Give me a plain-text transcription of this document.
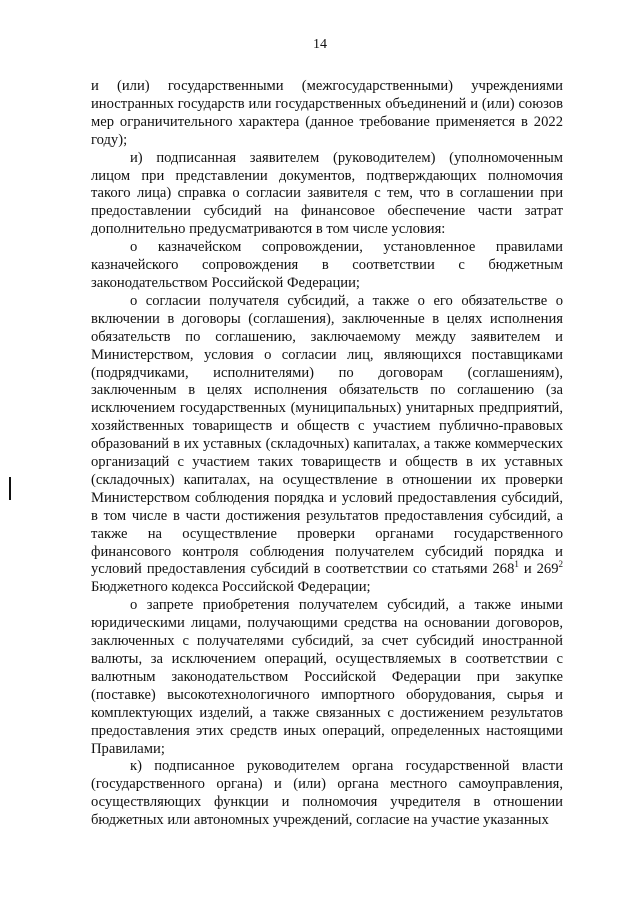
14

и (или) государственными (межгосударственными) учреждениями иностранных государств или государственных объединений и (или) союзов мер ограничительного характера (данное требование применяется в 2022 году);

и) подписанная заявителем (руководителем) (уполномоченным лицом при представлении документов, подтверждающих полномочия такого лица) справка о согласии заявителя с тем, что в соглашении при предоставлении субсидий на финансовое обеспечение части затрат дополнительно предусматриваются в том числе условия:

о казначейском сопровождении, установленное правилами казначейского сопровождения в соответствии с бюджетным законодательством Российской Федерации;

о согласии получателя субсидий, а также о его обязательстве о включении в договоры (соглашения), заключенные в целях исполнения обязательств по соглашению, заключаемому между заявителем и Министерством, условия о согласии лиц, являющихся поставщиками (подрядчиками, исполнителями) по договорам (соглашениям), заключенным в целях исполнения обязательств по соглашению (за исключением государственных (муниципальных) унитарных предприятий, хозяйственных товариществ и обществ с участием публично-правовых образований в их уставных (складочных) капиталах, а также коммерческих организаций с участием таких товариществ и обществ в их уставных (складочных) капиталах, на осуществление в отношении их проверки Министерством соблюдения порядка и условий предоставления субсидий, в том числе в части достижения результатов предоставления субсидий, а также на осуществление проверки органами государственного финансового контроля соблюдения получателем субсидий порядка и условий предоставления субсидий в соответствии со статьями $268^1$ и $269^2$ Бюджетного кодекса Российской Федерации;

о запрете приобретения получателем субсидий, а также иными юридическими лицами, получающими средства на основании договоров, заключенных с получателями субсидий, за счет субсидий иностранной валюты, за исключением операций, осуществляемых в соответствии с валютным законодательством Российской Федерации при закупке (поставке) высокотехнологичного импортного оборудования, сырья и комплектующих изделий, а также связанных с достижением результатов предоставления этих средств иных операций, определенных настоящими Правилами;

к) подписанное руководителем органа государственной власти (государственного органа) и (или) органа местного самоуправления, осуществляющих функции и полномочия учредителя в отношении бюджетных или автономных учреждений, согласие на участие указанных
